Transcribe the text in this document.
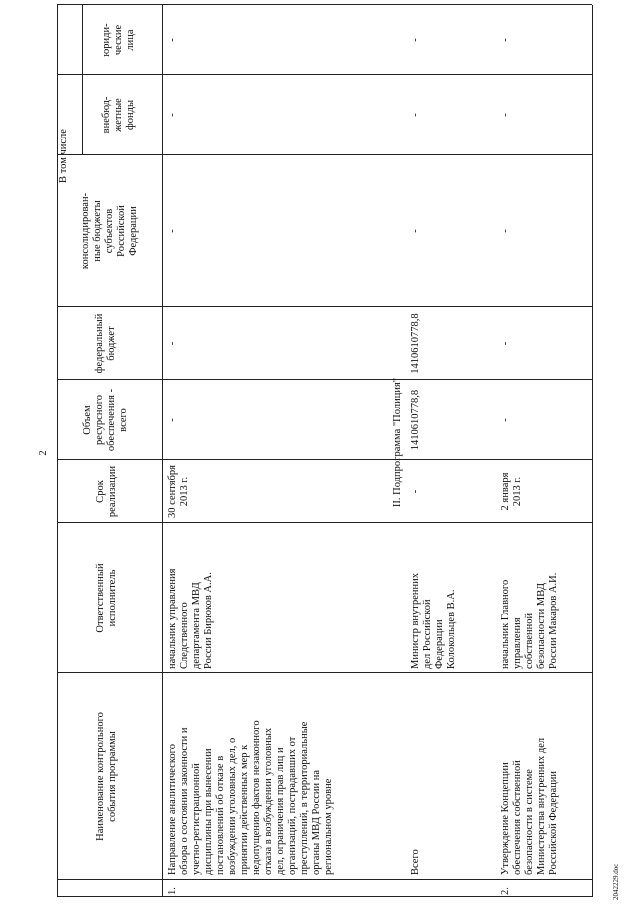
2
Наименование контрольного
события программы
Ответственный
исполнитель
Срок
реализации
Объем
ресурсного
обеспечения -
всего
федеральный
бюджет
В том числе
консолидирован-
ные бюджеты
субъектов
Российской
Федерации
внебюд-
жетные
фонды
юриди-
ческие
лица
1.
Направление аналитического
обзора о состоянии законности и
учетно-регистрационной
дисциплины при вынесении
постановлений об отказе в
возбуждении уголовных дел, о
принятии действенных мер к
недопущению фактов незаконного
отказа в возбуждении уголовных
дел, ограничения прав лиц и
организаций, пострадавших от
преступлений, в территориальные
органы МВД России на
региональном уровне
начальник управления
Следственного
департамента МВД
России Бирюков А.А.
30 сентября
2013 г.
-
-
-
-
-
II. Подпрограмма "Полиция"
Всего
Министр внутренних
дел Российской
Федерации
Колокольцев В.А.
-
1410610778,8
1410610778,8
-
-
-
2.
Утверждение Концепции
обеспечения собственной
безопасности в системе
Министерства внутренних дел
Российской Федерации
начальник Главного
управления
собственной
безопасности МВД
России Макаров А.И.
2 января
2013 г.
-
-
-
-
-
2042229.doc
